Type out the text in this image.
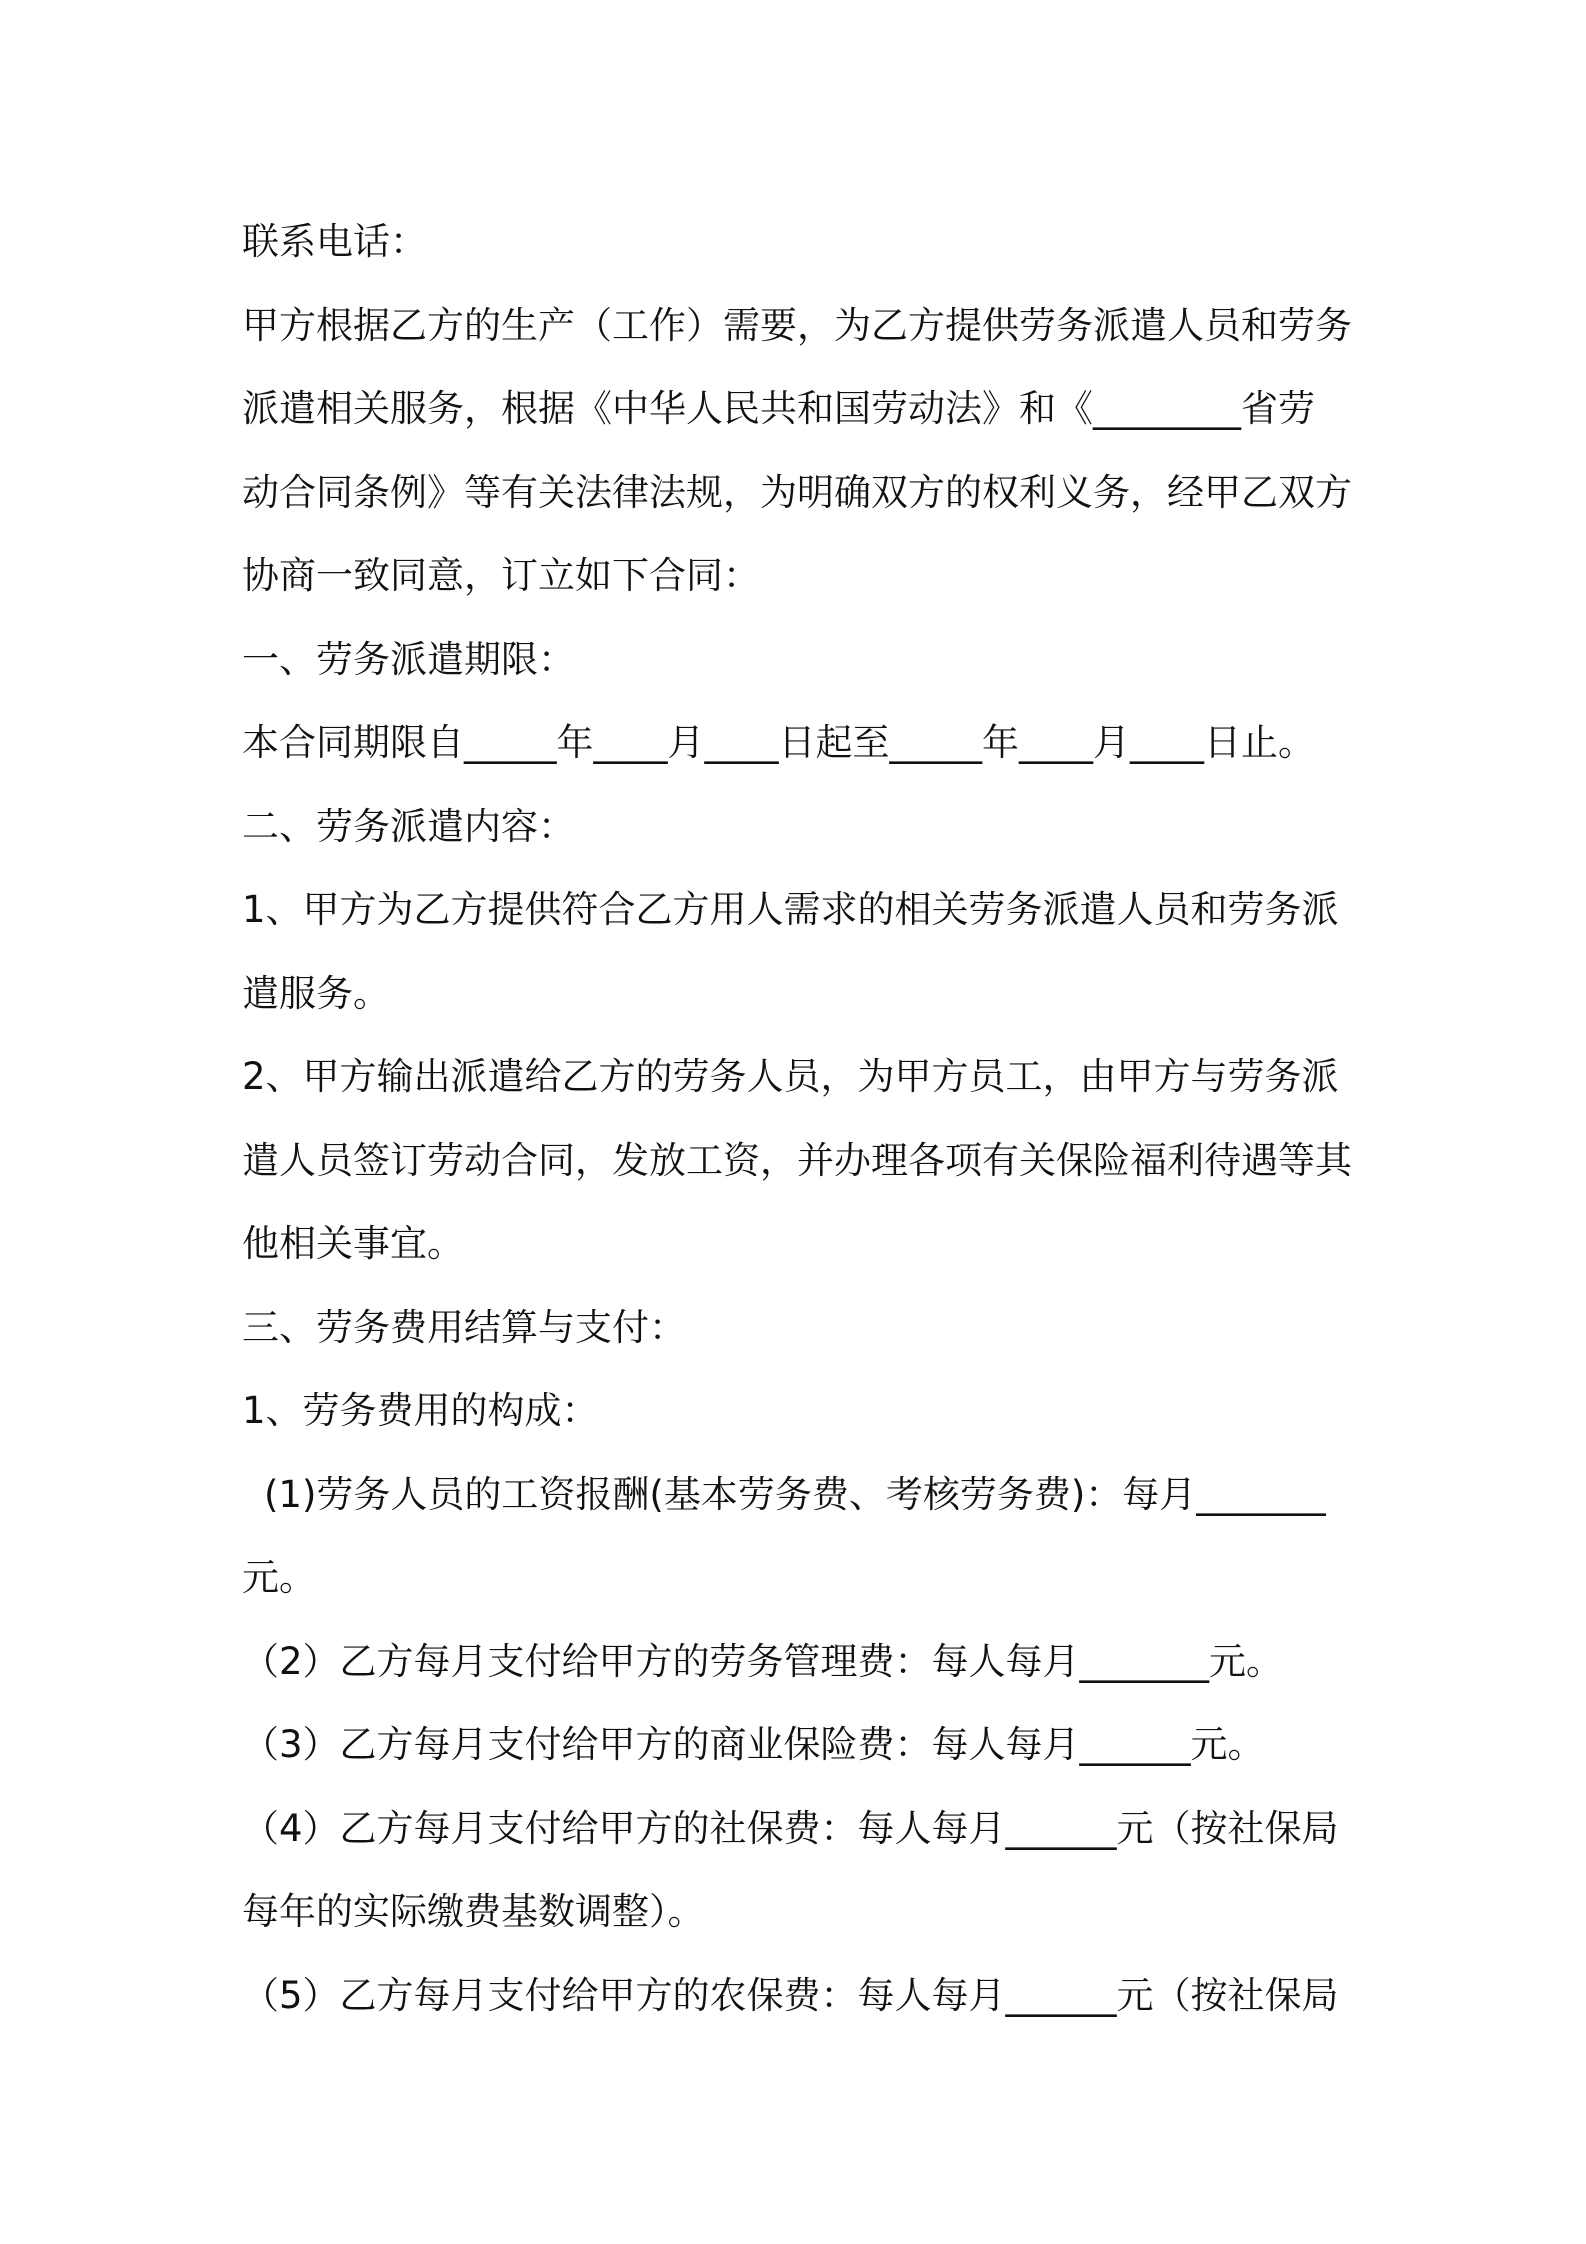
联系电话：
甲方根据乙方的生产（工作）需要，为乙方提供劳务派遣人员和劳务
派遣相关服务，根据《中华人民共和国劳动法》和《________省劳
动合同条例》等有关法律法规，为明确双方的权利义务，经甲乙双方
协商一致同意，订立如下合同：
一、劳务派遣期限：
本合同期限自_____年____月____日起至_____年____月____日止。
二、劳务派遣内容：
1、甲方为乙方提供符合乙方用人需求的相关劳务派遣人员和劳务派
遣服务。
2、甲方输出派遣给乙方的劳务人员，为甲方员工，由甲方与劳务派
遣人员签订劳动合同，发放工资，并办理各项有关保险福利待遇等其
他相关事宜。
三、劳务费用结算与支付：
1、劳务费用的构成：
(1)劳务人员的工资报酬(基本劳务费、考核劳务费)：每月_______
元。
（2）乙方每月支付给甲方的劳务管理费：每人每月_______元。
（3）乙方每月支付给甲方的商业保险费：每人每月______元。
（4）乙方每月支付给甲方的社保费：每人每月______元（按社保局
每年的实际缴费基数调整）。
（5）乙方每月支付给甲方的农保费：每人每月______元（按社保局
